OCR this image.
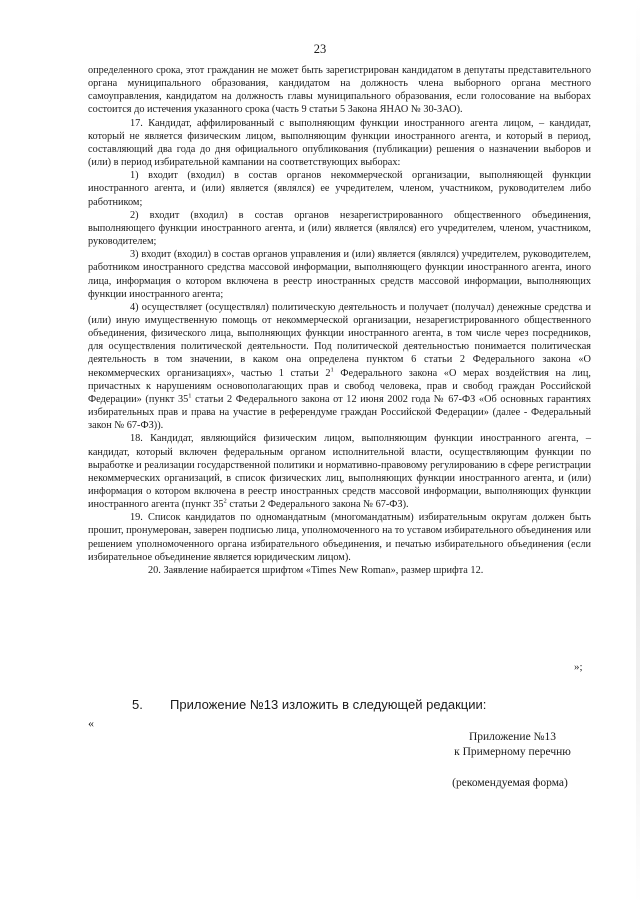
23

определенного срока, этот гражданин не может быть зарегистрирован кандидатом в депутаты представительного органа муниципального образования, кандидатом на должность члена выборного органа местного самоуправления, кандидатом на должность главы муниципального образования, если голосование на выборах состоится до истечения указанного срока (часть 9 статьи 5 Закона ЯНАО № 30-ЗАО).

17. Кандидат, аффилированный с выполняющим функции иностранного агента лицом, – кандидат, который не является физическим лицом, выполняющим функции иностранного агента, и который в период, составляющий два года до дня официального опубликования (публикации) решения о назначении выборов и (или) в период избирательной кампании на соответствующих выборах:

1) входит (входил) в состав органов некоммерческой организации, выполняющей функции иностранного агента, и (или) является (являлся) ее учредителем, членом, участником, руководителем либо работником;

2) входит (входил) в состав органов незарегистрированного общественного объединения, выполняющего функции иностранного агента, и (или) является (являлся) его учредителем, членом, участником, руководителем;

3) входит (входил) в состав органов управления и (или) является (являлся) учредителем, руководителем, работником иностранного средства массовой информации, выполняющего функции иностранного агента, иного лица, информация о котором включена в реестр иностранных средств массовой информации, выполняющих функции иностранного агента;

4) осуществляет (осуществлял) политическую деятельность и получает (получал) денежные средства и (или) иную имущественную помощь от некоммерческой организации, незарегистрированного общественного объединения, физического лица, выполняющих функции иностранного агента, в том числе через посредников, для осуществления политической деятельности. Под политической деятельностью понимается политическая деятельность в том значении, в каком она определена пунктом 6 статьи 2 Федерального закона «О некоммерческих организациях», частью 1 статьи $2^1$ Федерального закона «О мерах воздействия на лиц, причастных к нарушениям основополагающих прав и свобод человека, прав и свобод граждан Российской Федерации» (пункт $35^1$ статьи 2 Федерального закона от 12 июня 2002 года № 67-ФЗ «Об основных гарантиях избирательных прав и права на участие в референдуме граждан Российской Федерации» (далее - Федеральный закон № 67-ФЗ)).

18. Кандидат, являющийся физическим лицом, выполняющим функции иностранного агента, – кандидат, который включен федеральным органом исполнительной власти, осуществляющим функции по выработке и реализации государственной политики и нормативно-правовому регулированию в сфере регистрации некоммерческих организаций, в список физических лиц, выполняющих функции иностранного агента, и (или) информация о котором включена в реестр иностранных средств массовой информации, выполняющих функции иностранного агента (пункт $35^2$ статьи 2 Федерального закона № 67-ФЗ).

19. Список кандидатов по одномандатным (многомандатным) избирательным округам должен быть прошит, пронумерован, заверен подписью лица, уполномоченного на то уставом избирательного объединения или решением уполномоченного органа избирательного объединения, и печатью избирательного объединения (если избирательное объединение является юридическим лицом).

20. Заявление набирается шрифтом «Times New Roman», размер шрифта 12.

»;
5. Приложение №13 изложить в следующей редакции:
«
Приложение №13
к Примерному перечню
(рекомендуемая форма)
